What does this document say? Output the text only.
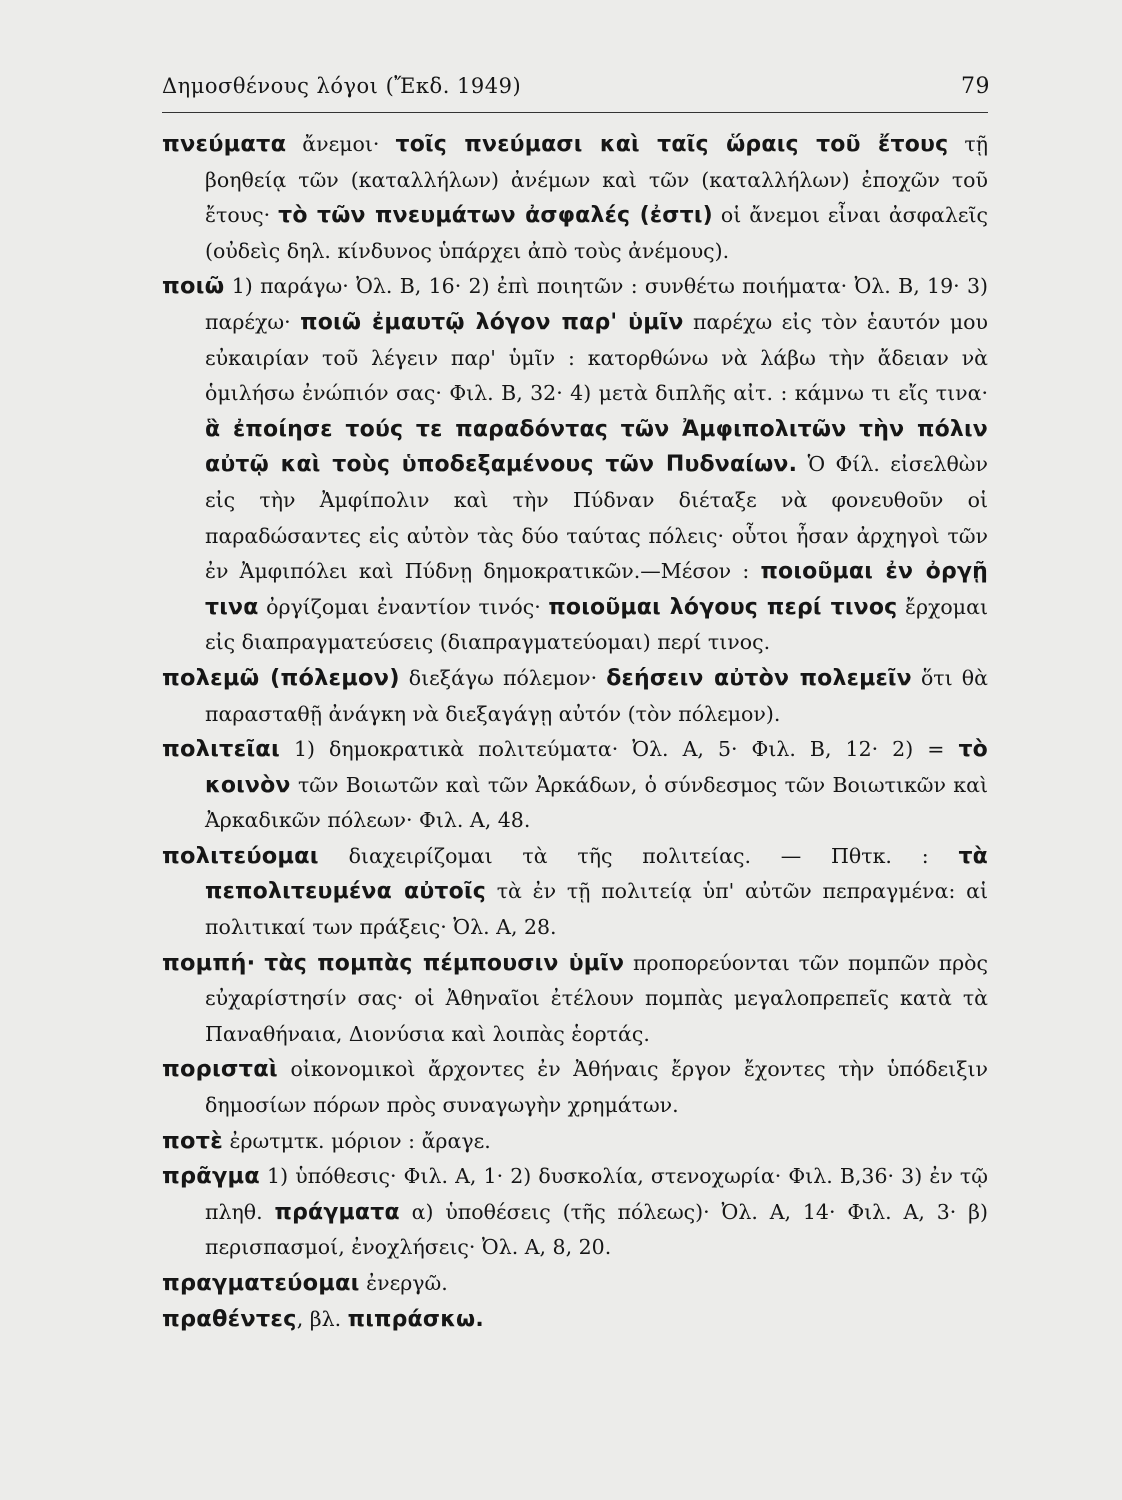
Δημοσθένους λόγοι (Ἔκδ. 1949)	79
πνεύματα ἄνεμοι· τοῖς πνεύμασι καὶ ταῖς ὥραις τοῦ ἔτους τῇ βοηθείᾳ τῶν (καταλλήλων) ἀνέμων καὶ τῶν (καταλλήλων) ἐποχῶν τοῦ ἔτους· τὸ τῶν πνευμάτων ἀσφαλές (ἐστι) οἱ ἄνεμοι εἶναι ἀσφαλεῖς (οὐδεὶς δηλ. κίνδυνος ὑπάρχει ἀπὸ τοὺς ἀνέμους).
ποιῶ 1) παράγω· Ὀλ. Β, 16· 2) ἐπὶ ποιητῶν : συνθέτω ποιήματα· Ὀλ. Β, 19· 3) παρέχω· ποιῶ ἐμαυτῷ λόγον παρ' ὑμῖν παρέχω εἰς τὸν ἑαυτόν μου εὐκαιρίαν τοῦ λέγειν παρ' ὑμῖν : κατορθώνω νὰ λάβω τὴν ἄδειαν νὰ ὁμιλήσω ἐνώπιόν σας· Φιλ. Β, 32· 4) μετὰ διπλῆς αἰτ. : κάμνω τι εἴς τινα· ἃ ἐποίησε τούς τε παραδόντας τῶν Ἀμφιπολιτῶν τὴν πόλιν αὐτῷ καὶ τοὺς ὑποδεξαμένους τῶν Πυδναίων. Ὁ Φίλ. εἰσελθὼν εἰς τὴν Ἀμφίπολιν καὶ τὴν Πύδναν διέταξε νὰ φονευθοῦν οἱ παραδώσαντες εἰς αὐτὸν τὰς δύο ταύτας πόλεις· οὗτοι ἦσαν ἀρχηγοὶ τῶν ἐν Ἀμφιπόλει καὶ Πύδνῃ δημοκρατικῶν.—Μέσον : ποιοῦμαι ἐν ὀργῇ τινα ὀργίζομαι ἐναντίον τινός· ποιοῦμαι λόγους περί τινος ἔρχομαι εἰς διαπραγματεύσεις (διαπραγματεύομαι) περί τινος.
πολεμῶ (πόλεμον) διεξάγω πόλεμον· δεήσειν αὐτὸν πολεμεῖν ὅτι θὰ παρασταθῇ ἀνάγκη νὰ διεξαγάγῃ αὐτόν (τὸν πόλεμον).
πολιτεῖαι 1) δημοκρατικὰ πολιτεύματα· Ὀλ. Α, 5· Φιλ. Β, 12· 2) = τὸ κοινὸν τῶν Βοιωτῶν καὶ τῶν Ἀρκάδων, ὁ σύνδεσμος τῶν Βοιωτικῶν καὶ Ἀρκαδικῶν πόλεων· Φιλ. Α, 48.
πολιτεύομαι διαχειρίζομαι τὰ τῆς πολιτείας. — Πθτκ. : τὰ πεπολιτευμένα αὐτοῖς τὰ ἐν τῇ πολιτείᾳ ὑπ' αὐτῶν πεπραγμένα: αἱ πολιτικαί των πράξεις· Ὀλ. Α, 28.
πομπή· τὰς πομπὰς πέμπουσιν ὑμῖν προπορεύονται τῶν πομπῶν πρὸς εὐχαρίστησίν σας· οἱ Ἀθηναῖοι ἐτέλουν πομπὰς μεγαλοπρεπεῖς κατὰ τὰ Παναθήναια, Διονύσια καὶ λοιπὰς ἑορτάς.
πορισταὶ οἰκονομικοὶ ἄρχοντες ἐν Ἀθήναις ἔργον ἔχοντες τὴν ὑπόδειξιν δημοσίων πόρων πρὸς συναγωγὴν χρημάτων.
ποτὲ ἐρωτμτκ. μόριον : ἄραγε.
πρᾶγμα 1) ὑπόθεσις· Φιλ. Α, 1· 2) δυσκολία, στενοχωρία· Φιλ. Β,36· 3) ἐν τῷ πληθ. πράγματα α) ὑποθέσεις (τῆς πόλεως)· Ὀλ. Α, 14· Φιλ. Α, 3· β) περισπασμοί, ἐνοχλήσεις· Ὀλ. Α, 8, 20.
πραγματεύομαι ἐνεργῶ.
πραθέντες, βλ. πιπράσκω.
